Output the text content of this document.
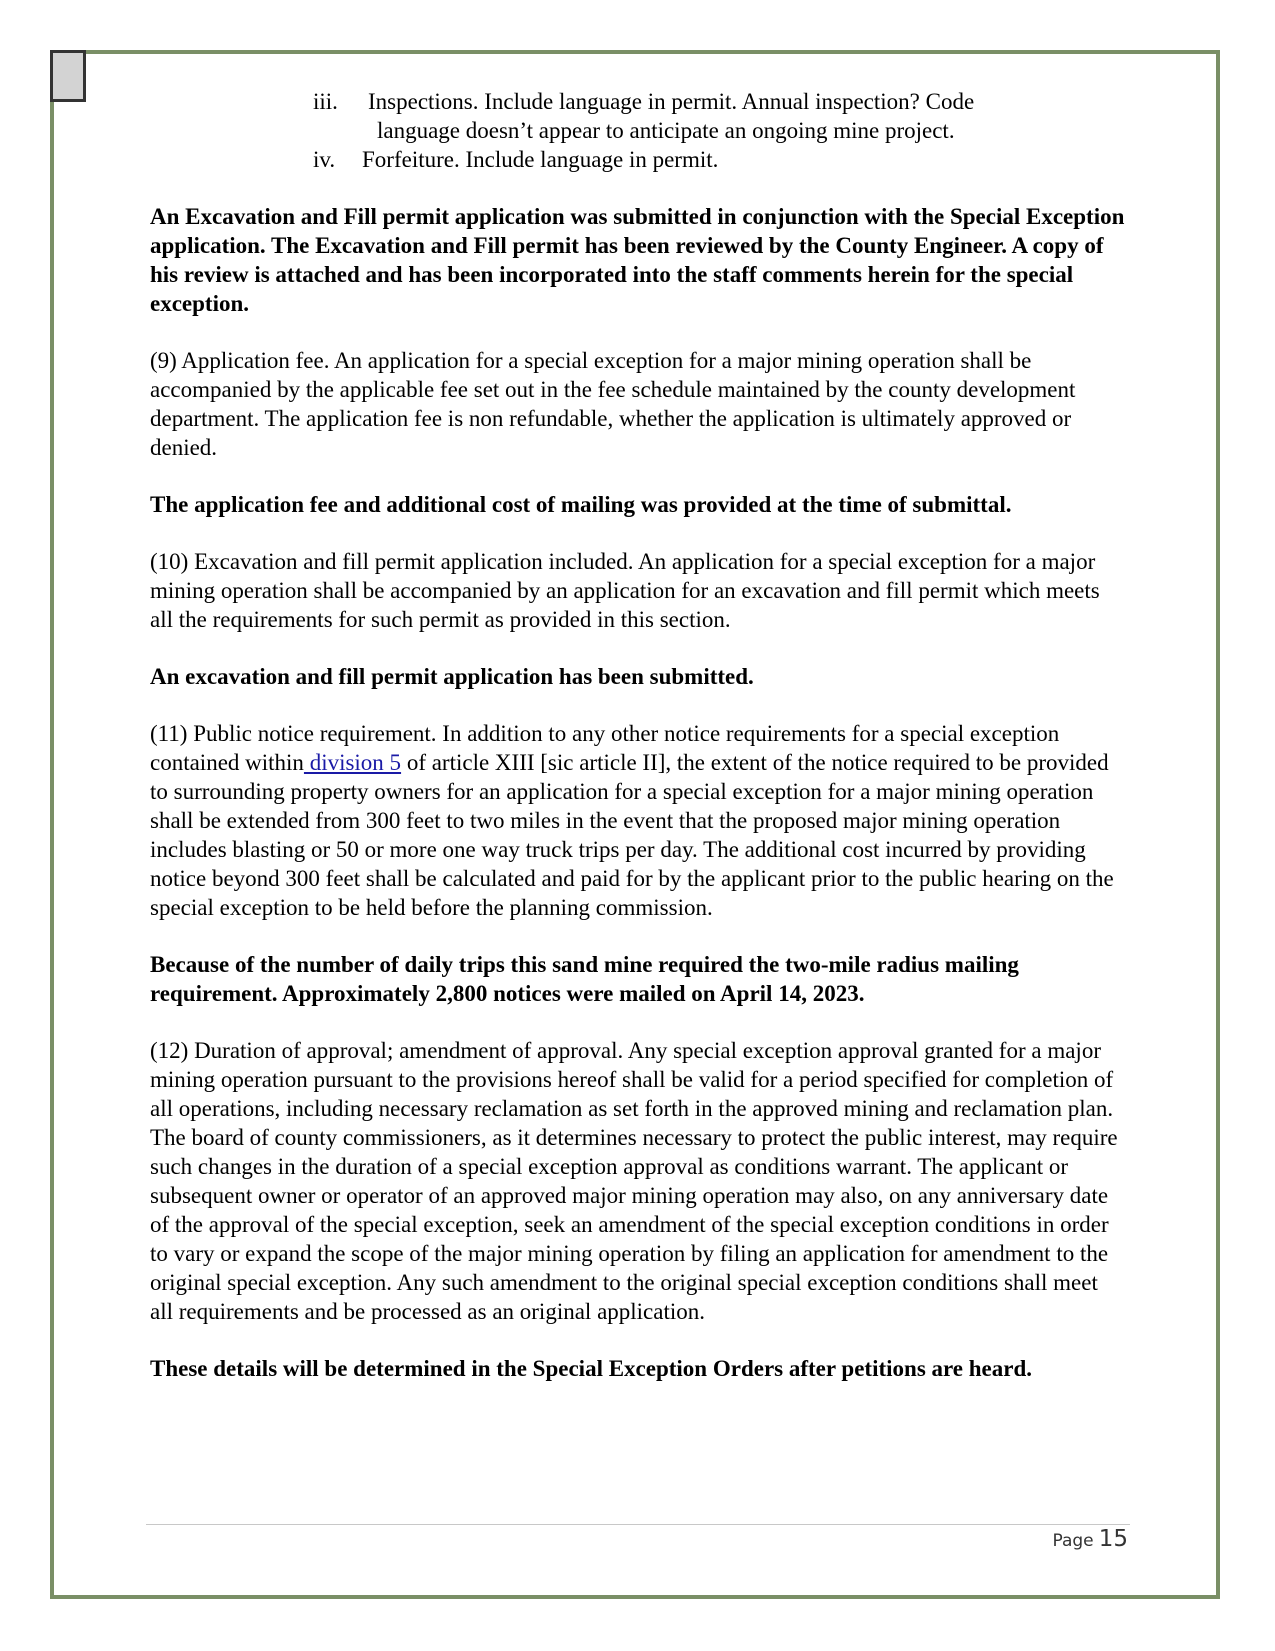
iii. Inspections. Include language in permit. Annual inspection? Code

language doesn’t appear to anticipate an ongoing mine project.

iv. Forfeiture. Include language in permit.

An Excavation and Fill permit application was submitted in conjunction with the Special Exception application. The Excavation and Fill permit has been reviewed by the County Engineer. A copy of his review is attached and has been incorporated into the staff comments herein for the special exception.

(9) Application fee. An application for a special exception for a major mining operation shall be accompanied by the applicable fee set out in the fee schedule maintained by the county development department. The application fee is non refundable, whether the application is ultimately approved or denied.

The application fee and additional cost of mailing was provided at the time of submittal.

(10) Excavation and fill permit application included. An application for a special exception for a major mining operation shall be accompanied by an application for an excavation and fill permit which meets all the requirements for such permit as provided in this section.

An excavation and fill permit application has been submitted.

(11) Public notice requirement. In addition to any other notice requirements for a special exception contained within division 5 of article XIII [sic article II], the extent of the notice required to be provided to surrounding property owners for an application for a special exception for a major mining operation shall be extended from 300 feet to two miles in the event that the proposed major mining operation includes blasting or 50 or more one way truck trips per day. The additional cost incurred by providing notice beyond 300 feet shall be calculated and paid for by the applicant prior to the public hearing on the special exception to be held before the planning commission.

Because of the number of daily trips this sand mine required the two-mile radius mailing requirement. Approximately 2,800 notices were mailed on April 14, 2023.

(12) Duration of approval; amendment of approval. Any special exception approval granted for a major mining operation pursuant to the provisions hereof shall be valid for a period specified for completion of all operations, including necessary reclamation as set forth in the approved mining and reclamation plan. The board of county commissioners, as it determines necessary to protect the public interest, may require such changes in the duration of a special exception approval as conditions warrant. The applicant or subsequent owner or operator of an approved major mining operation may also, on any anniversary date of the approval of the special exception, seek an amendment of the special exception conditions in order to vary or expand the scope of the major mining operation by filing an application for amendment to the original special exception. Any such amendment to the original special exception conditions shall meet all requirements and be processed as an original application.

These details will be determined in the Special Exception Orders after petitions are heard.

Page 15
